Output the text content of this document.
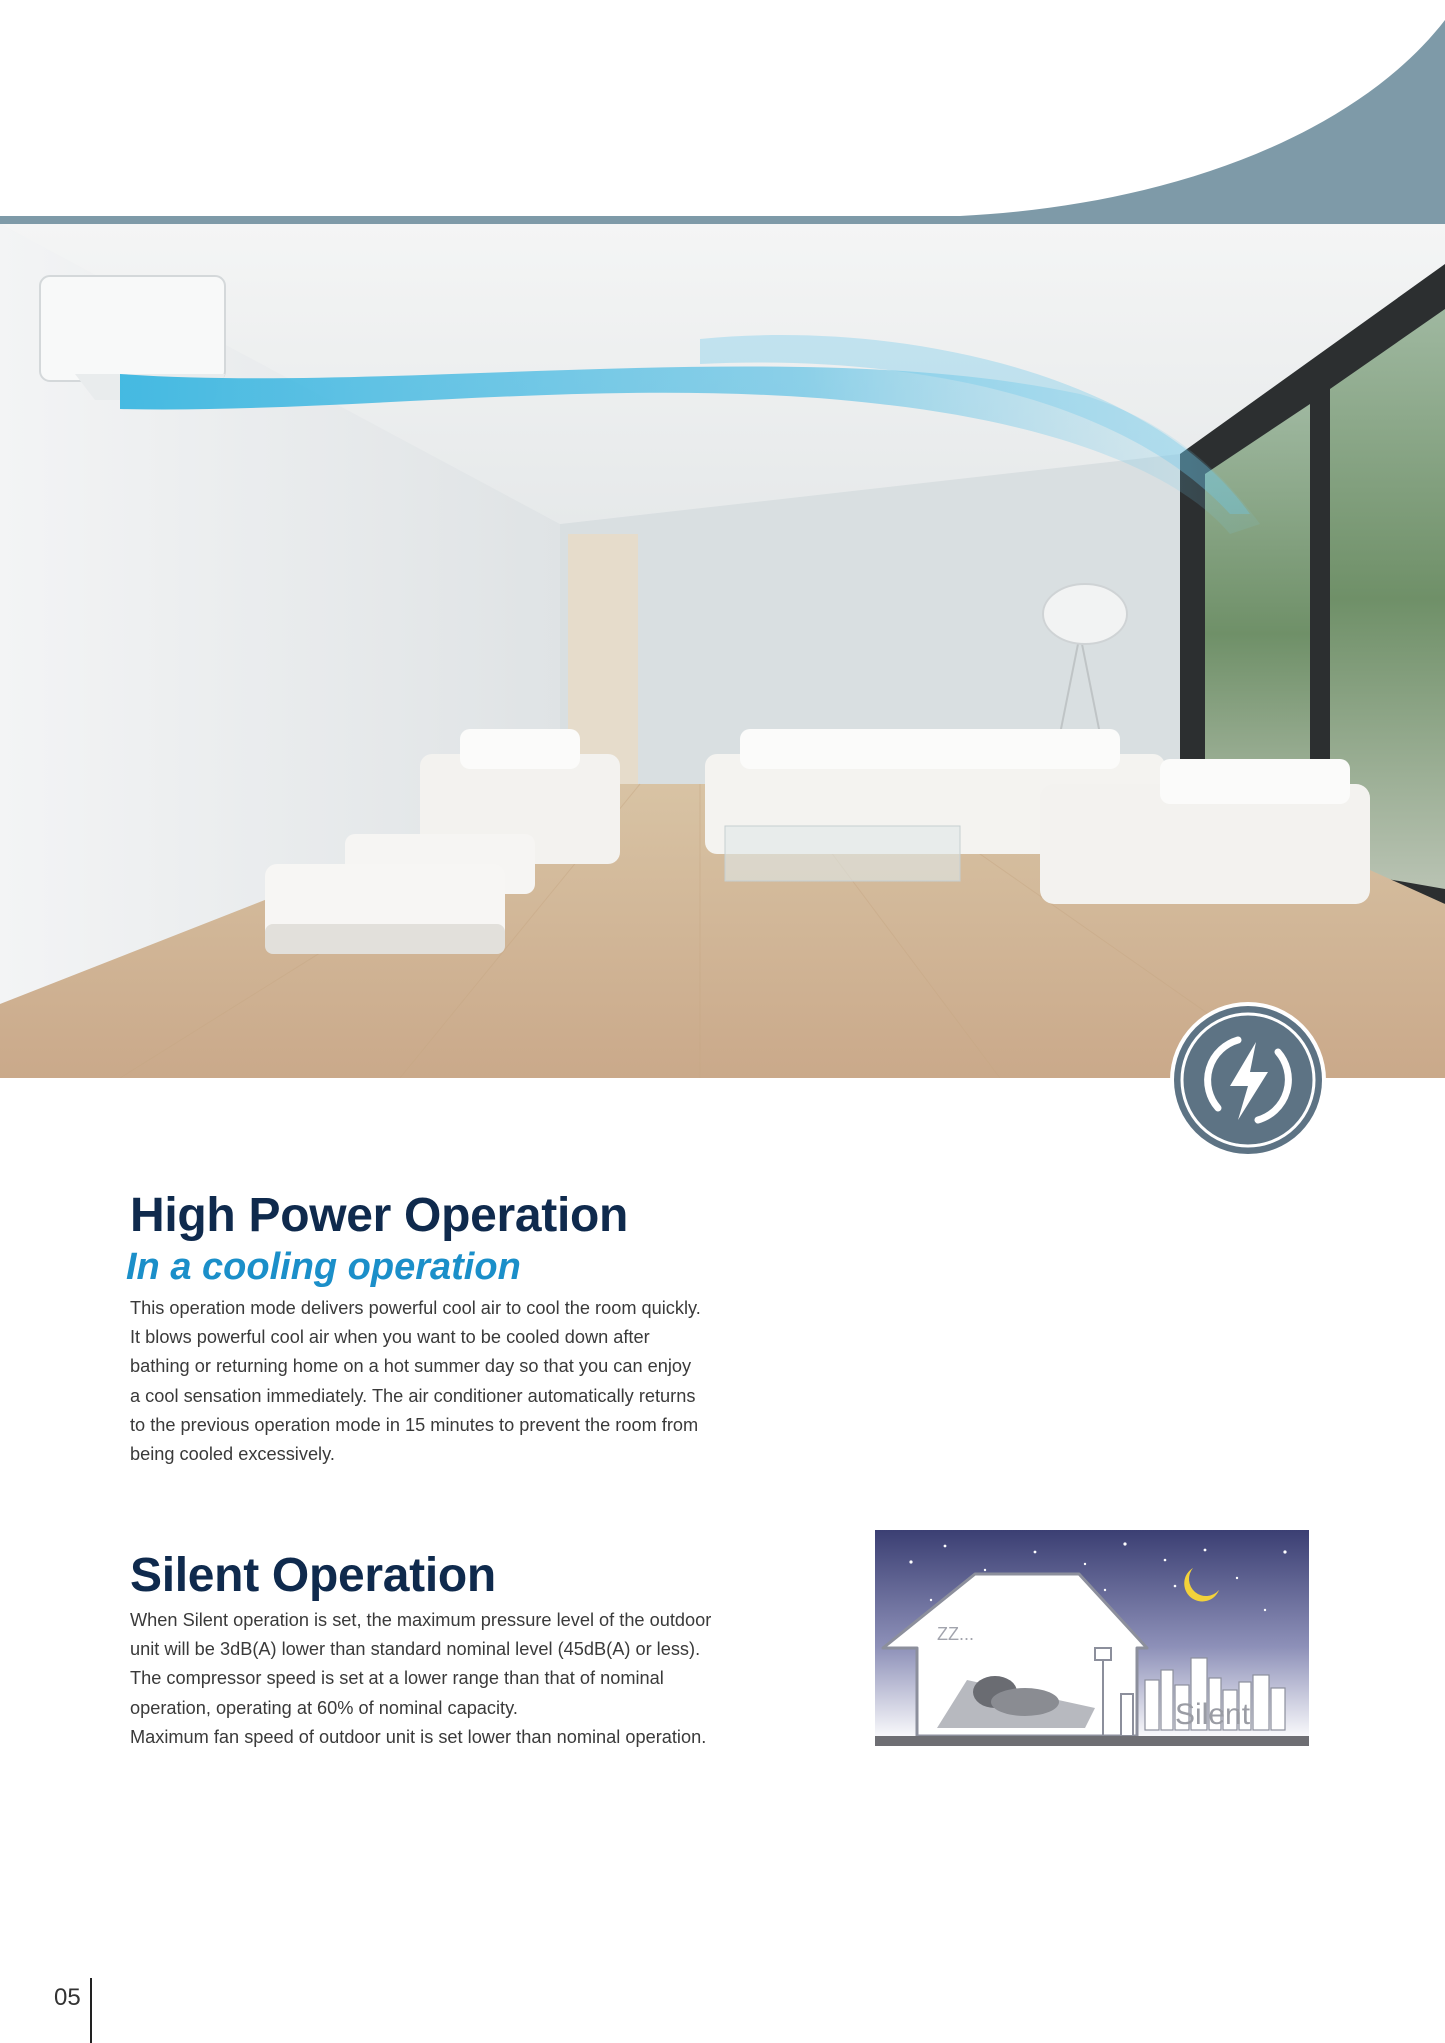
High Power Operation
In a cooling operation

This operation mode delivers powerful cool air to cool the room quickly.

It blows powerful cool air when you want to be cooled down after

bathing or returning home on a hot summer day so that you can enjoy

a cool sensation immediately. The air conditioner automatically returns

to the previous operation mode in 15 minutes to prevent the room from

being cooled excessively.

Silent Operation

When Silent operation is set, the maximum pressure level of the outdoor

unit will be 3dB(A) lower than standard nominal level (45dB(A) or less).

The compressor speed is set at a lower range than that of nominal

operation, operating at 60% of nominal capacity.

Maximum fan speed of outdoor unit is set lower than nominal operation.

ZZ...
Silent
05
